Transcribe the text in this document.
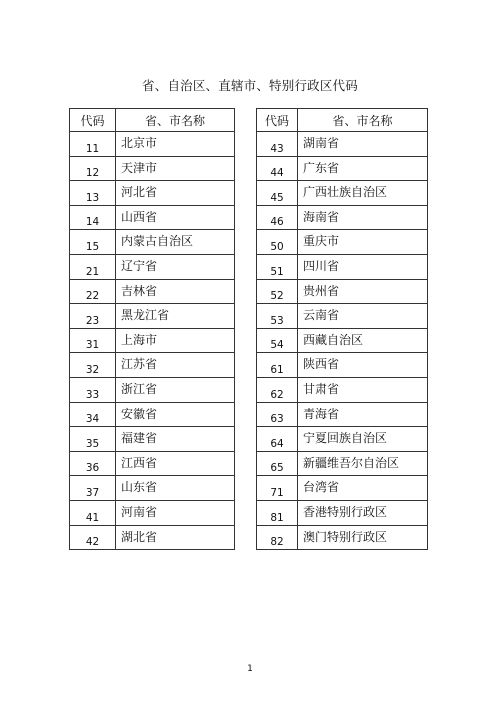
省、自治区、直辖市、特别行政区代码
代码	省、市名称
11	北京市
12	天津市
13	河北省
14	山西省
15	内蒙古自治区
21	辽宁省
22	吉林省
23	黑龙江省
31	上海市
32	江苏省
33	浙江省
34	安徽省
35	福建省
36	江西省
37	山东省
41	河南省
42	湖北省
代码	省、市名称
43	湖南省
44	广东省
45	广西壮族自治区
46	海南省
50	重庆市
51	四川省
52	贵州省
53	云南省
54	西藏自治区
61	陕西省
62	甘肃省
63	青海省
64	宁夏回族自治区
65	新疆维吾尔自治区
71	台湾省
81	香港特别行政区
82	澳门特别行政区
1
